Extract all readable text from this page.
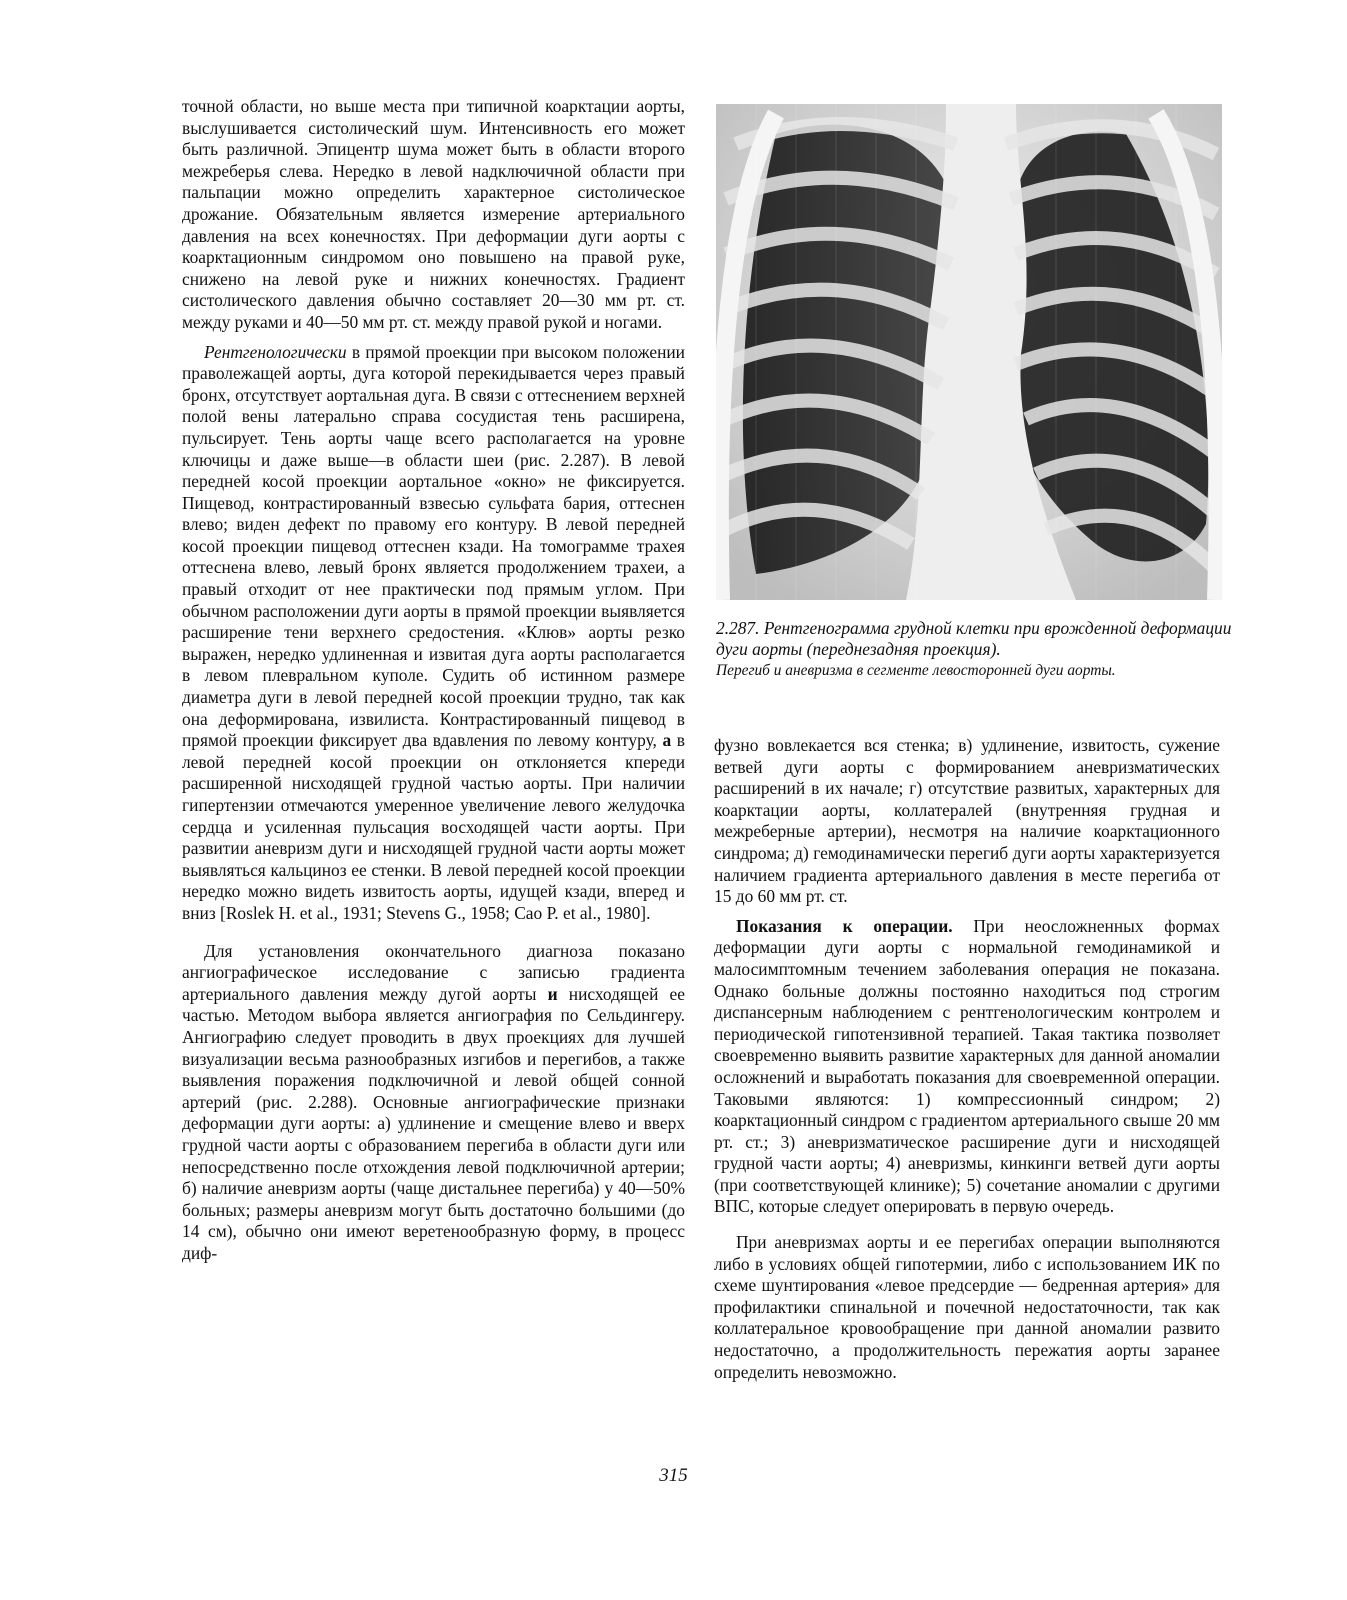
точной области, но выше места при типичной коарктации аорты, выслушивается систолический шум. Интенсивность его может быть различной. Эпицентр шума может быть в области второго межреберья слева. Нередко в левой надключичной области при пальпации можно определить характерное систолическое дрожание. Обязательным является измерение артериального давления на всех конечностях. При деформации дуги аорты с коарктационным синдромом оно повышено на правой руке, снижено на левой руке и нижних конечностях. Градиент систолического давления обычно составляет 20—30 мм рт. ст. между руками и 40—50 мм рт. ст. между правой рукой и ногами.

Рентгенологически в прямой проекции при высоком положении праволежащей аорты, дуга которой перекидывается через правый бронх, отсутствует аортальная дуга. В связи с оттеснением верхней полой вены латерально справа сосудистая тень расширена, пульсирует. Тень аорты чаще всего располагается на уровне ключицы и даже выше—в области шеи (рис. 2.287). В левой передней косой проекции аортальное «окно» не фиксируется. Пищевод, контрастированный взвесью сульфата бария, оттеснен влево; виден дефект по правому его контуру. В левой передней косой проекции пищевод оттеснен кзади. На томограмме трахея оттеснена влево, левый бронх является продолжением трахеи, а правый отходит от нее практически под прямым углом. При обычном расположении дуги аорты в прямой проекции выявляется расширение тени верхнего средостения. «Клюв» аорты резко выражен, нередко удлиненная и извитая дуга аорты располагается в левом плевральном куполе. Судить об истинном размере диаметра дуги в левой передней косой проекции трудно, так как она деформирована, извилиста. Контрастированный пищевод в прямой проекции фиксирует два вдавления по левому контуру, а в левой передней косой проекции он отклоняется кпереди расширенной нисходящей грудной частью аорты. При наличии гипертензии отмечаются умеренное увеличение левого желудочка сердца и усиленная пульсация восходящей части аорты. При развитии аневризм дуги и нисходящей грудной части аорты может выявляться кальциноз ее стенки. В левой передней косой проекции нередко можно видеть извитость аорты, идущей кзади, вперед и вниз [Roslek H. et al., 1931; Stevens G., 1958; Cao P. et al., 1980].

Для установления окончательного диагноза показано ангиографическое исследование с записью градиента артериального давления между дугой аорты и нисходящей ее частью. Методом выбора является ангиография по Сельдингеру. Ангиографию следует проводить в двух проекциях для лучшей визуализации весьма разнообразных изгибов и перегибов, а также выявления поражения подключичной и левой общей сонной артерий (рис. 2.288). Основные ангиографические признаки деформации дуги аорты: а) удлинение и смещение влево и вверх грудной части аорты с образованием перегиба в области дуги или непосредственно после отхождения левой подключичной артерии; б) наличие аневризм аорты (чаще дистальнее перегиба) у 40—50% больных; размеры аневризм могут быть достаточно большими (до 14 см), обычно они имеют веретенообразную форму, в процесс диф-

2.287. Рентгенограмма грудной клетки при врожденной деформации дуги аорты (переднезадняя проекция).
Перегиб и аневризма в сегменте левосторонней дуги аорты.

фузно вовлекается вся стенка; в) удлинение, извитость, сужение ветвей дуги аорты с формированием аневризматических расширений в их начале; г) отсутствие развитых, характерных для коарктации аорты, коллатералей (внутренняя грудная и межреберные артерии), несмотря на наличие коарктационного синдрома; д) гемодинамически перегиб дуги аорты характеризуется наличием градиента артериального давления в месте перегиба от 15 до 60 мм рт. ст.

Показания к операции. При неосложненных формах деформации дуги аорты с нормальной гемодинамикой и малосимптомным течением заболевания операция не показана. Однако больные должны постоянно находиться под строгим диспансерным наблюдением с рентгенологическим контролем и периодической гипотензивной терапией. Такая тактика позволяет своевременно выявить развитие характерных для данной аномалии осложнений и выработать показания для своевременной операции. Таковыми являются: 1) компрессионный синдром; 2) коарктационный синдром с градиентом артериального свыше 20 мм рт. ст.; 3) аневризматическое расширение дуги и нисходящей грудной части аорты; 4) аневризмы, кинкинги ветвей дуги аорты (при соответствующей клинике); 5) сочетание аномалии с другими ВПС, которые следует оперировать в первую очередь.

При аневризмах аорты и ее перегибах операции выполняются либо в условиях общей гипотермии, либо с использованием ИК по схеме шунтирования «левое предсердие — бедренная артерия» для профилактики спинальной и почечной недостаточности, так как коллатеральное кровообращение при данной аномалии развито недостаточно, а продолжительность пережатия аорты заранее определить невозможно.

315
